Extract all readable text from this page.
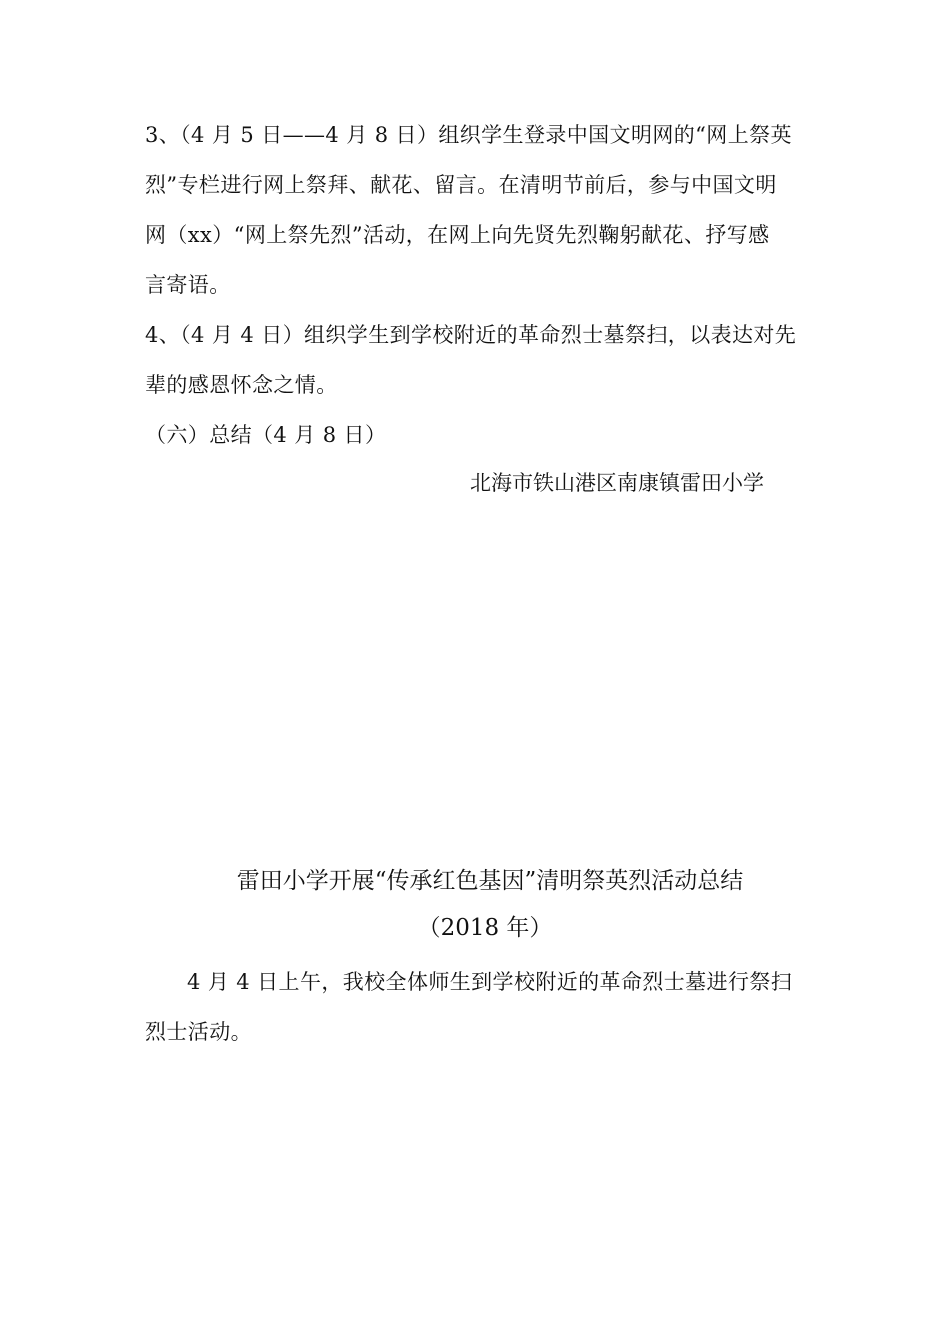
3、（4 月 5 日——4 月 8 日）组织学生登录中国文明网的“网上祭英
烈”专栏进行网上祭拜、献花、留言。在清明节前后，参与中国文明
网（xx）“网上祭先烈”活动，在网上向先贤先烈鞠躬献花、抒写感
言寄语。
4、（4 月 4 日）组织学生到学校附近的革命烈士墓祭扫，以表达对先
辈的感恩怀念之情。
（六）总结（4 月 8 日）
北海市铁山港区南康镇雷田小学
雷田小学开展“传承红色基因”清明祭英烈活动总结
（2018 年）
4 月 4 日上午，我校全体师生到学校附近的革命烈士墓进行祭扫
烈士活动。
